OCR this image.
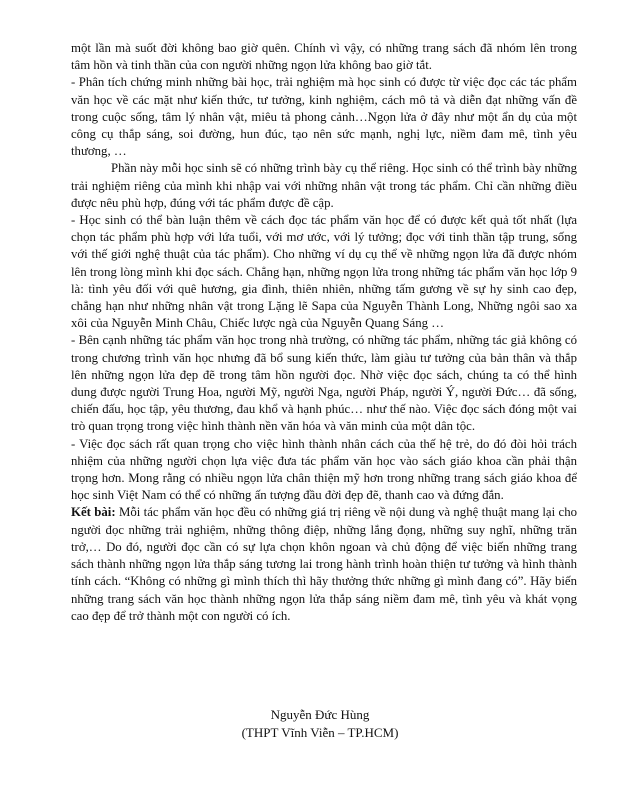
một lần mà suốt đời không bao giờ quên. Chính vì vậy, có những trang sách đã nhóm lên trong tâm hồn và tinh thần của con người những ngọn lửa không bao giờ tắt.

- Phân tích chứng minh những bài học, trải nghiệm mà học sinh có được từ việc đọc các tác phẩm văn học về các mặt như kiến thức, tư tưởng, kinh nghiệm, cách mô tả và diễn đạt những vấn đề trong cuộc sống, tâm lý nhân vật, miêu tả phong cảnh…Ngọn lửa ở đây như một ẩn dụ của một công cụ thắp sáng, soi đường, hun đúc, tạo nên sức mạnh, nghị lực, niềm đam mê, tình yêu thương, …

Phần này mỗi học sinh sẽ có những trình bày cụ thể riêng. Học sinh có thể trình bày những trải nghiệm riêng của mình khi nhập vai với những nhân vật trong tác phẩm. Chỉ cần những điều được nêu phù hợp, đúng với tác phẩm được đề cập.

- Học sinh có thể bàn luận thêm về cách đọc tác phẩm văn học để có được kết quả tốt nhất (lựa chọn tác phẩm phù hợp với lứa tuổi, với mơ ước, với lý tưởng; đọc với tinh thần tập trung, sống với thế giới nghệ thuật của tác phẩm). Cho những ví dụ cụ thể về những ngọn lửa đã được nhóm lên trong lòng mình khi đọc sách. Chẳng hạn, những ngọn lửa trong những tác phẩm văn học lớp 9 là: tình yêu đối với quê hương, gia đình, thiên nhiên, những tấm gương về sự hy sinh cao đẹp, chẳng hạn như những nhân vật trong Lặng lẽ Sapa của Nguyễn Thành Long, Những ngôi sao xa xôi của Nguyễn Minh Châu, Chiếc lược ngà của Nguyễn Quang Sáng …

- Bên cạnh những tác phẩm văn học trong nhà trường, có những tác phẩm, những tác giả không có trong chương trình văn học nhưng đã bổ sung kiến thức, làm giàu tư tưởng của bản thân và thắp lên những ngọn lửa đẹp đẽ trong tâm hồn người đọc. Nhờ việc đọc sách, chúng ta có thể hình dung được người Trung Hoa, người Mỹ, người Nga, người Pháp, người Ý, người Đức… đã sống, chiến đấu, học tập, yêu thương, đau khổ và hạnh phúc… như thế nào. Việc đọc sách đóng một vai trò quan trọng trong việc hình thành nền văn hóa và văn minh của một dân tộc.

- Việc đọc sách rất quan trọng cho việc hình thành nhân cách của thế hệ trẻ, do đó đòi hỏi trách nhiệm của những người chọn lựa việc đưa tác phẩm văn học vào sách giáo khoa cần phải thận trọng hơn. Mong rằng có nhiều ngọn lửa chân thiện mỹ hơn trong những trang sách giáo khoa để học sinh Việt Nam có thể có những ấn tượng đầu đời đẹp đẽ, thanh cao và đứng đắn.

Kết bài: Mỗi tác phẩm văn học đều có những giá trị riêng về nội dung và nghệ thuật mang lại cho người đọc những trải nghiệm, những thông điệp, những lắng đọng, những suy nghĩ, những trăn trở,… Do đó, người đọc cần có sự lựa chọn khôn ngoan và chủ động để việc biến những trang sách thành những ngọn lửa thắp sáng tương lai trong hành trình hoàn thiện tư tưởng và hình thành tính cách. “Không có những gì mình thích thì hãy thưởng thức những gì mình đang có”. Hãy biến những trang sách văn học thành những ngọn lửa thắp sáng niềm đam mê, tình yêu và khát vọng cao đẹp để trở thành một con người có ích.

Nguyễn Đức Hùng
(THPT Vĩnh Viễn – TP.HCM)
